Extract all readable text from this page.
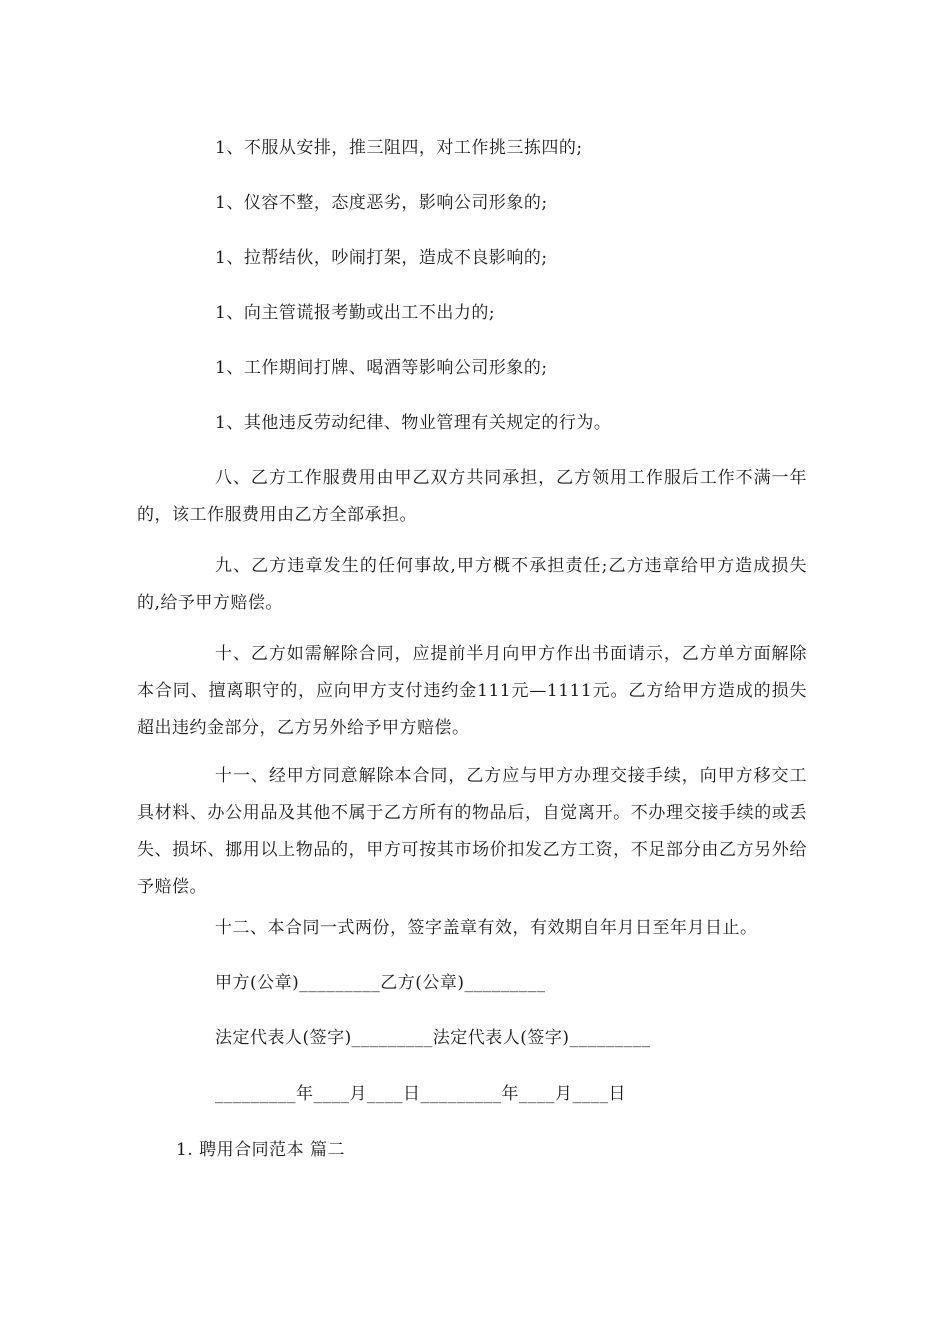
1、不服从安排，推三阻四，对工作挑三拣四的;
1、仪容不整，态度恶劣，影响公司形象的;
1、拉帮结伙，吵闹打架，造成不良影响的;
1、向主管谎报考勤或出工不出力的;
1、工作期间打牌、喝酒等影响公司形象的;
1、其他违反劳动纪律、物业管理有关规定的行为。
八、乙方工作服费用由甲乙双方共同承担，乙方领用工作服后工作不满一年的，该工作服费用由乙方全部承担。
九、乙方违章发生的任何事故,甲方概不承担责任;乙方违章给甲方造成损失的,给予甲方赔偿。
十、乙方如需解除合同，应提前半月向甲方作出书面请示，乙方单方面解除本合同、擅离职守的，应向甲方支付违约金111元—1111元。乙方给甲方造成的损失超出违约金部分，乙方另外给予甲方赔偿。
十一、经甲方同意解除本合同，乙方应与甲方办理交接手续，向甲方移交工具材料、办公用品及其他不属于乙方所有的物品后，自觉离开。不办理交接手续的或丢失、损坏、挪用以上物品的，甲方可按其市场价扣发乙方工资，不足部分由乙方另外给予赔偿。
十二、本合同一式两份，签字盖章有效，有效期自年月日至年月日止。
甲方(公章)_________乙方(公章)_________
法定代表人(签字)_________法定代表人(签字)_________
_________年____月____日_________年____月____日
1. 聘用合同范本 篇二
